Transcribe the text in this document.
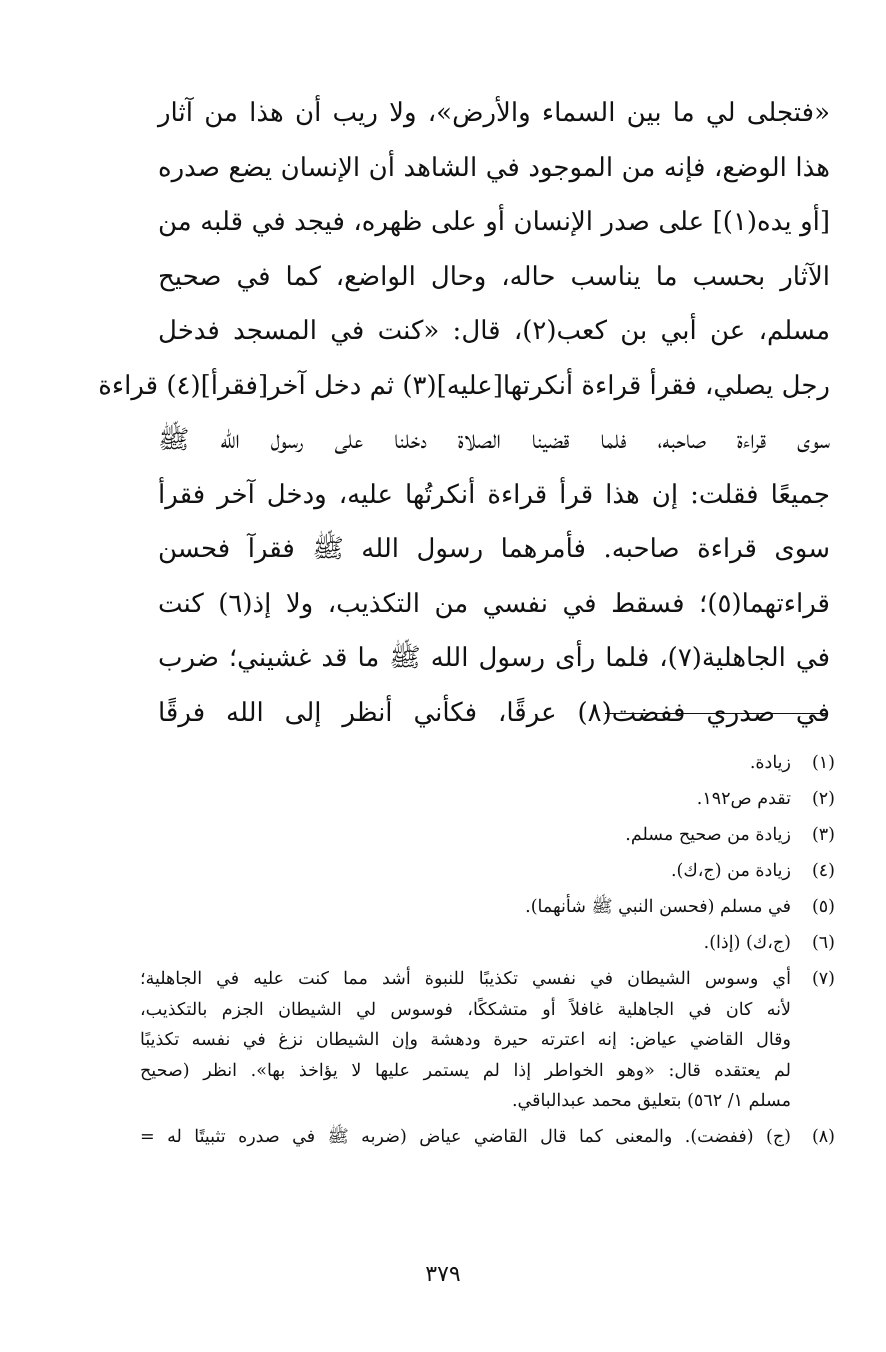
«فتجلى لي ما بين السماء والأرض»، ولا ريب أن هذا من آثار
هذا الوضع، فإنه من الموجود في الشاهد أن الإنسان يضع صدره
[أو يده(١)] على صدر الإنسان أو على ظهره، فيجد في قلبه من
الآثار بحسب ما يناسب حاله، وحال الواضع، كما في صحيح
مسلم، عن أبي بن كعب(٢)، قال: «كنت في المسجد فدخل
رجل يصلي، فقرأ قراءة أنكرتها[عليه](٣) ثم دخل آخر[فقرأ](٤) قراءة
سوى قراءة صاحبه، فلما قضينا الصلاة دخلنا على رسول الله ﷺ
جميعًا فقلت: إن هذا قرأ قراءة أنكرتُها عليه، ودخل آخر فقرأ
سوى قراءة صاحبه. فأمرهما رسول الله ﷺ فقرآ فحسن
قراءتهما(٥)؛ فسقط في نفسي من التكذيب، ولا إذ(٦) كنت
في الجاهلية(٧)، فلما رأى رسول الله ﷺ ما قد غشيني؛ ضرب
في صدري ففضت(٨) عرقًا، فكأني أنظر إلى الله فرقًا
(١)
زيادة.
(٢)
تقدم ص١٩٢.
(٣)
زيادة من صحيح مسلم.
(٤)
زيادة من (ج،ك).
(٥)
في مسلم (فحسن النبي ﷺ شأنهما).
(٦)
(ج،ك) (إذا).
(٧)
أي وسوس الشيطان في نفسي تكذيبًا للنبوة أشد مما كنت عليه في الجاهلية؛
لأنه كان في الجاهلية غافلاً أو متشككًا، فوسوس لي الشيطان الجزم بالتكذيب،
وقال القاضي عياض: إنه اعترته حيرة ودهشة وإن الشيطان نزغ في نفسه تكذيبًا
لم يعتقده قال: «وهو الخواطر إذا لم يستمر عليها لا يؤاخذ بها». انظر (صحيح
مسلم ١/ ٥٦٢) بتعليق محمد عبدالباقي.
(٨)
(ج) (ففضت). والمعنى كما قال القاضي عياض (ضربه ﷺ في صدره تثبيتًا له =
٣٧٩
